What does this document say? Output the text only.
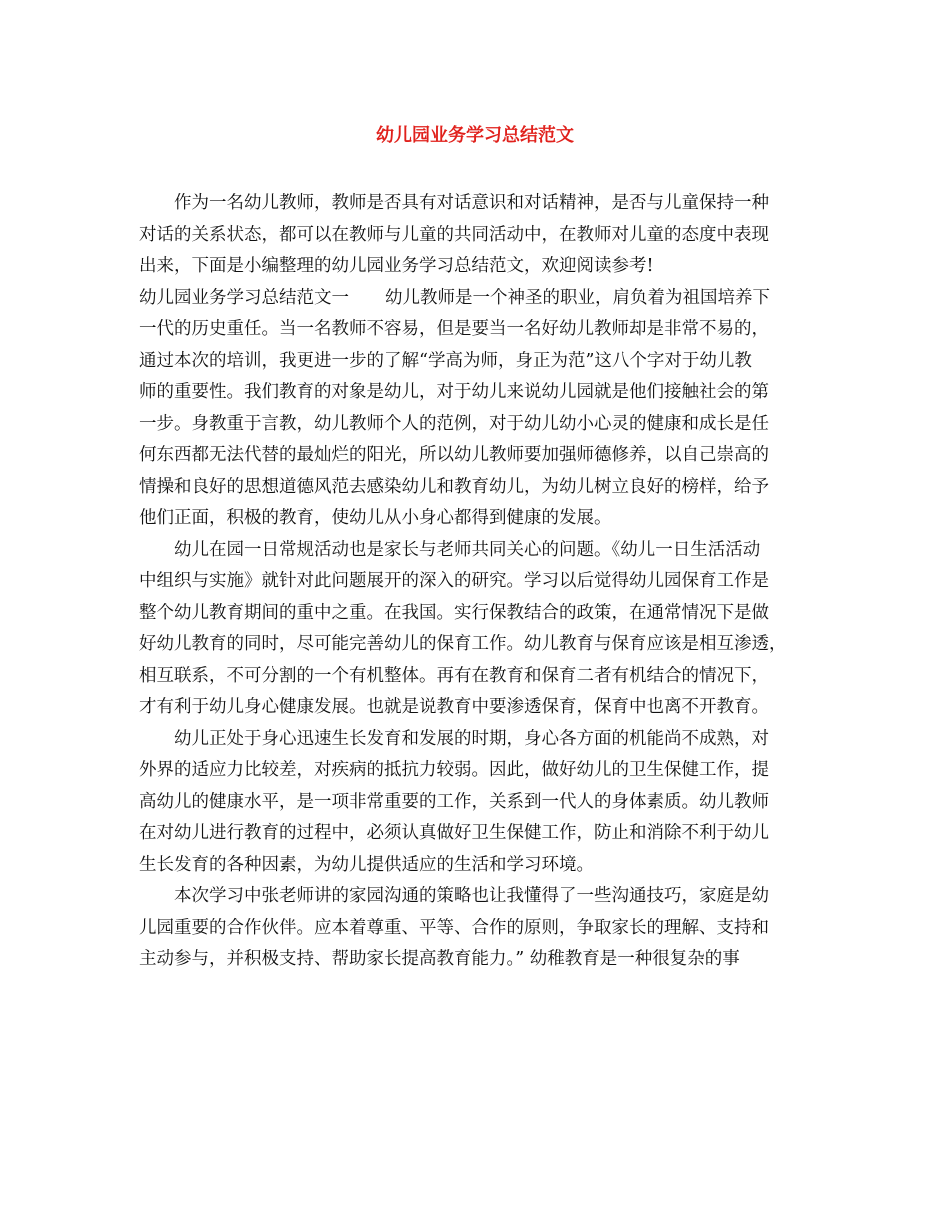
幼儿园业务学习总结范文
作为一名幼儿教师，教师是否具有对话意识和对话精神，是否与儿童保持一种
对话的关系状态，都可以在教师与儿童的共同活动中，在教师对儿童的态度中表现
出来，下面是小编整理的幼儿园业务学习总结范文，欢迎阅读参考!
幼儿园业务学习总结范文一 幼儿教师是一个神圣的职业，肩负着为祖国培养下
一代的历史重任。当一名教师不容易，但是要当一名好幼儿教师却是非常不易的，
通过本次的培训，我更进一步的了解“学高为师，身正为范”这八个字对于幼儿教
师的重要性。我们教育的对象是幼儿，对于幼儿来说幼儿园就是他们接触社会的第
一步。身教重于言教，幼儿教师个人的范例，对于幼儿幼小心灵的健康和成长是任
何东西都无法代替的最灿烂的阳光，所以幼儿教师要加强师德修养，以自己崇高的
情操和良好的思想道德风范去感染幼儿和教育幼儿，为幼儿树立良好的榜样，给予
他们正面，积极的教育，使幼儿从小身心都得到健康的发展。
幼儿在园一日常规活动也是家长与老师共同关心的问题。《幼儿一日生活活动
中组织与实施》就针对此问题展开的深入的研究。学习以后觉得幼儿园保育工作是
整个幼儿教育期间的重中之重。在我国。实行保教结合的政策，在通常情况下是做
好幼儿教育的同时，尽可能完善幼儿的保育工作。幼儿教育与保育应该是相互渗透，
相互联系，不可分割的一个有机整体。再有在教育和保育二者有机结合的情况下，
才有利于幼儿身心健康发展。也就是说教育中要渗透保育，保育中也离不开教育。
幼儿正处于身心迅速生长发育和发展的时期，身心各方面的机能尚不成熟，对
外界的适应力比较差，对疾病的抵抗力较弱。因此，做好幼儿的卫生保健工作，提
高幼儿的健康水平，是一项非常重要的工作，关系到一代人的身体素质。幼儿教师
在对幼儿进行教育的过程中，必须认真做好卫生保健工作，防止和消除不利于幼儿
生长发育的各种因素，为幼儿提供适应的生活和学习环境。
本次学习中张老师讲的家园沟通的策略也让我懂得了一些沟通技巧，家庭是幼
儿园重要的合作伙伴。应本着尊重、平等、合作的原则，争取家长的理解、支持和
主动参与，并积极支持、帮助家长提高教育能力。” 幼稚教育是一种很复杂的事
